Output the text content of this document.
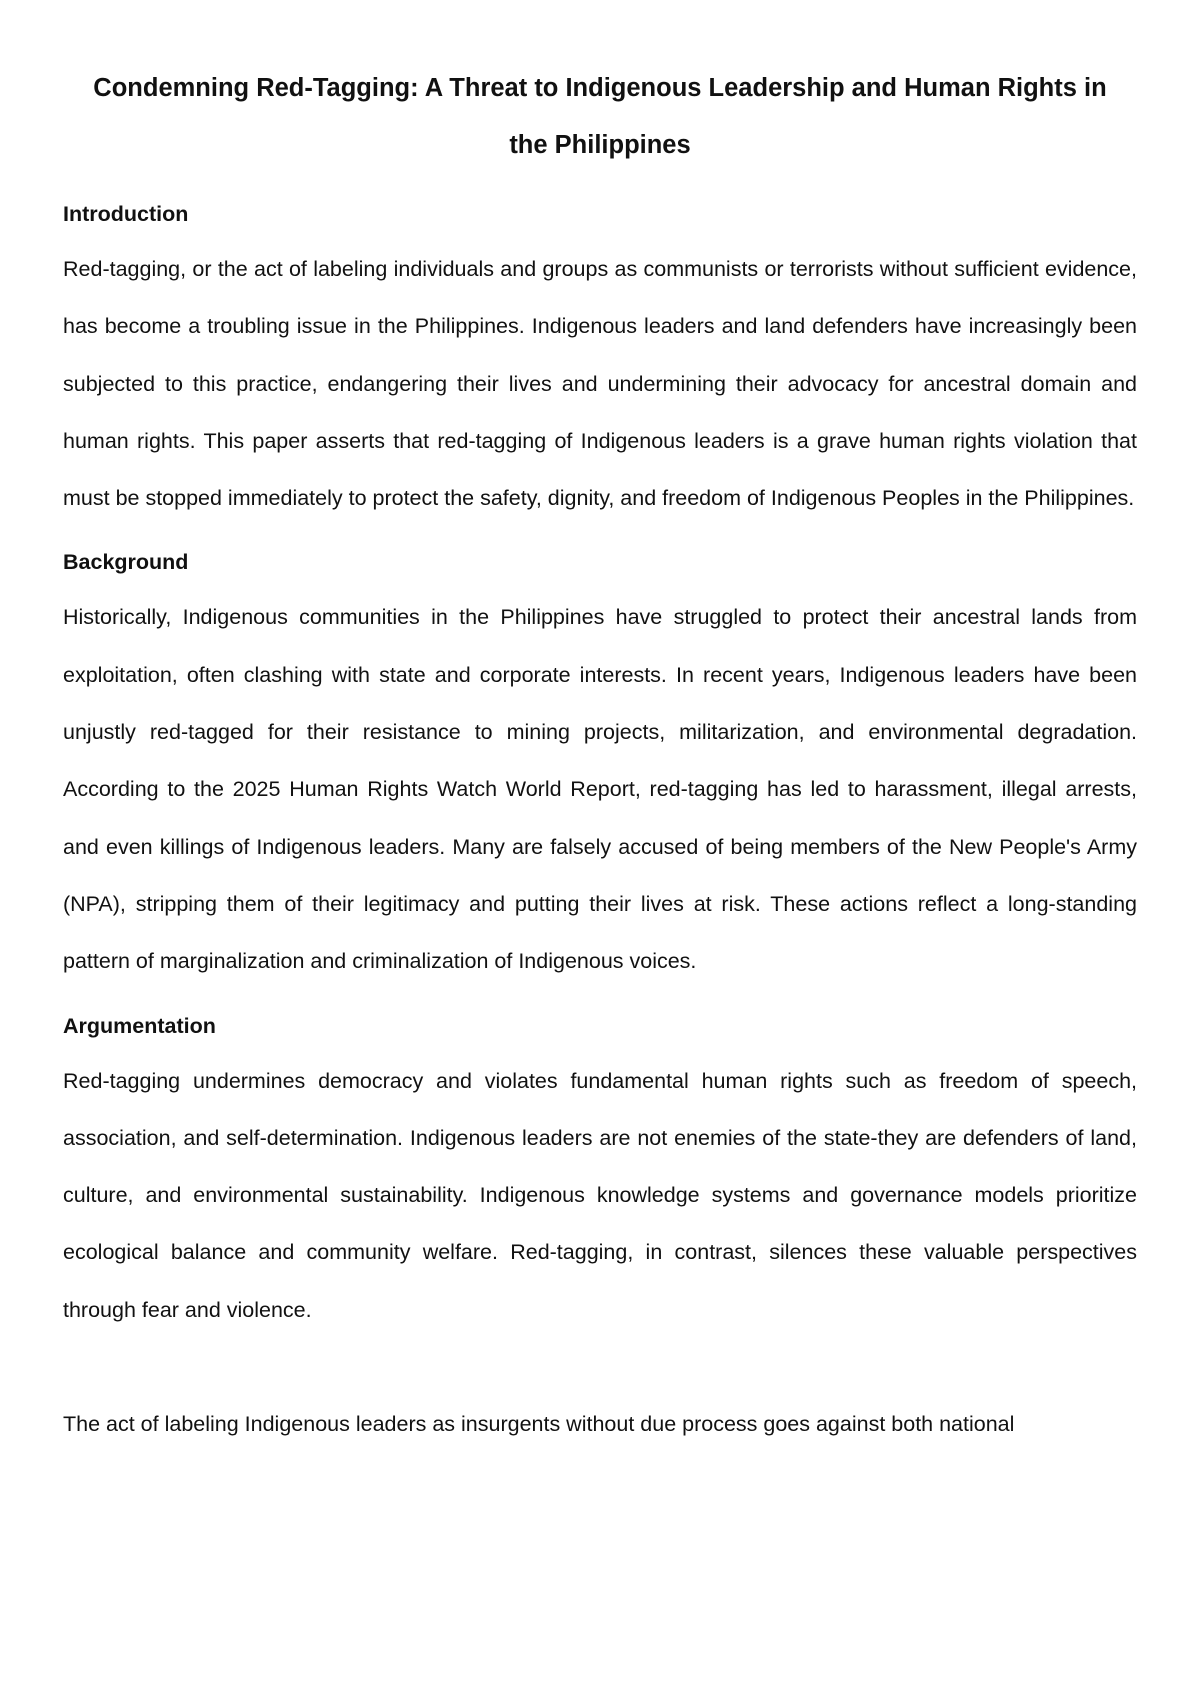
Condemning Red-Tagging: A Threat to Indigenous Leadership and Human Rights in the Philippines
Introduction

Red-tagging, or the act of labeling individuals and groups as communists or terrorists without sufficient evidence, has become a troubling issue in the Philippines. Indigenous leaders and land defenders have increasingly been subjected to this practice, endangering their lives and undermining their advocacy for ancestral domain and human rights. This paper asserts that red-tagging of Indigenous leaders is a grave human rights violation that must be stopped immediately to protect the safety, dignity, and freedom of Indigenous Peoples in the Philippines.

Background

Historically, Indigenous communities in the Philippines have struggled to protect their ancestral lands from exploitation, often clashing with state and corporate interests. In recent years, Indigenous leaders have been unjustly red-tagged for their resistance to mining projects, militarization, and environmental degradation. According to the 2025 Human Rights Watch World Report, red-tagging has led to harassment, illegal arrests, and even killings of Indigenous leaders. Many are falsely accused of being members of the New People's Army (NPA), stripping them of their legitimacy and putting their lives at risk. These actions reflect a long-standing pattern of marginalization and criminalization of Indigenous voices.

Argumentation

Red-tagging undermines democracy and violates fundamental human rights such as freedom of speech, association, and self-determination. Indigenous leaders are not enemies of the state-they are defenders of land, culture, and environmental sustainability. Indigenous knowledge systems and governance models prioritize ecological balance and community welfare. Red-tagging, in contrast, silences these valuable perspectives through fear and violence.

The act of labeling Indigenous leaders as insurgents without due process goes against both national
